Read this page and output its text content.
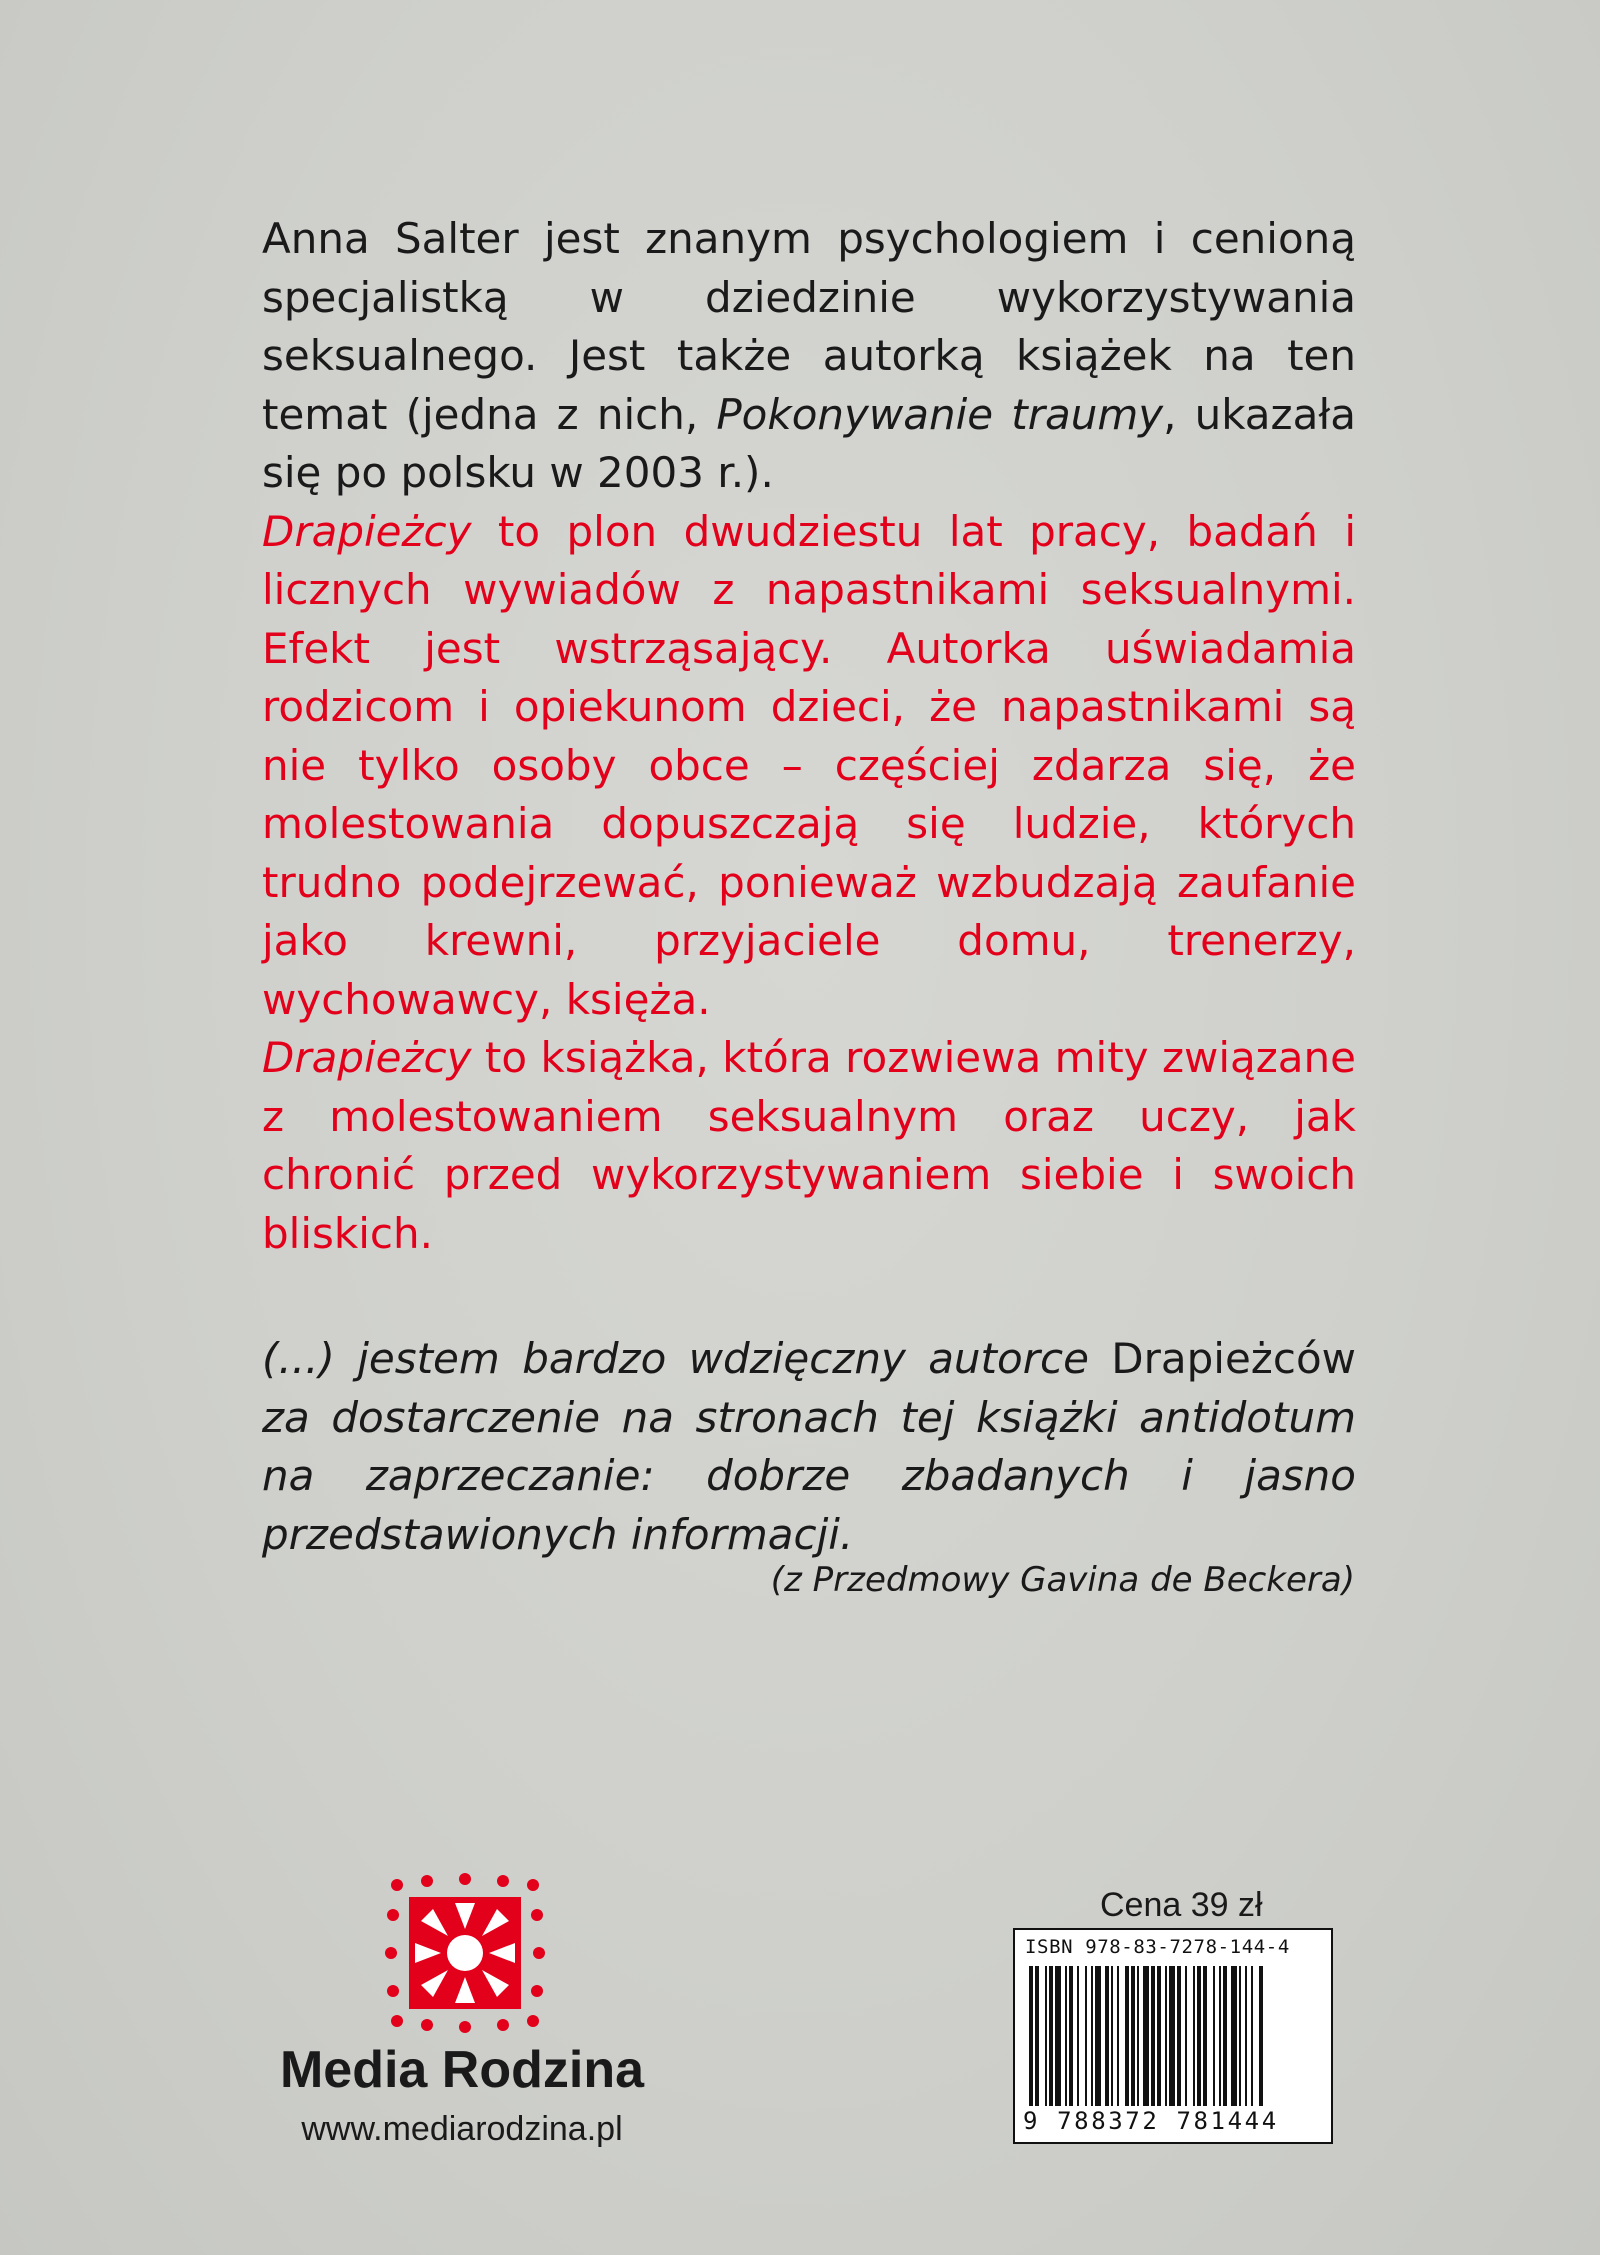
Anna Salter jest znanym psychologiem i cenioną specjalistką w dziedzinie wykorzystywania seksualnego. Jest także autorką książek na ten temat (jedna z nich, Pokonywanie traumy, ukazała się po polsku w 2003 r.).

Drapieżcy to plon dwudziestu lat pracy, badań i licznych wywiadów z napastnikami seksualnymi. Efekt jest wstrząsający. Autorka uświadamia rodzicom i opiekunom dzieci, że napastnikami są nie tylko osoby obce – częściej zdarza się, że molestowania dopuszczają się ludzie, których trudno podejrzewać, ponieważ wzbudzają zaufanie jako krewni, przyjaciele domu, trenerzy, wychowawcy, księża.

Drapieżcy to książka, która rozwiewa mity związane z molestowaniem seksualnym oraz uczy, jak chronić przed wykorzystywaniem siebie i swoich bliskich.

(...) jestem bardzo wdzięczny autorce Drapieżców za dostarczenie na stronach tej książki antidotum na zaprzeczanie: dobrze zbadanych i jasno przedstawionych informacji.
(z Przedmowy Gavina de Beckera)
Media Rodzina
www.mediarodzina.pl
Cena 39 zł
ISBN 978-83-7278-144-4
9 788372 781444
